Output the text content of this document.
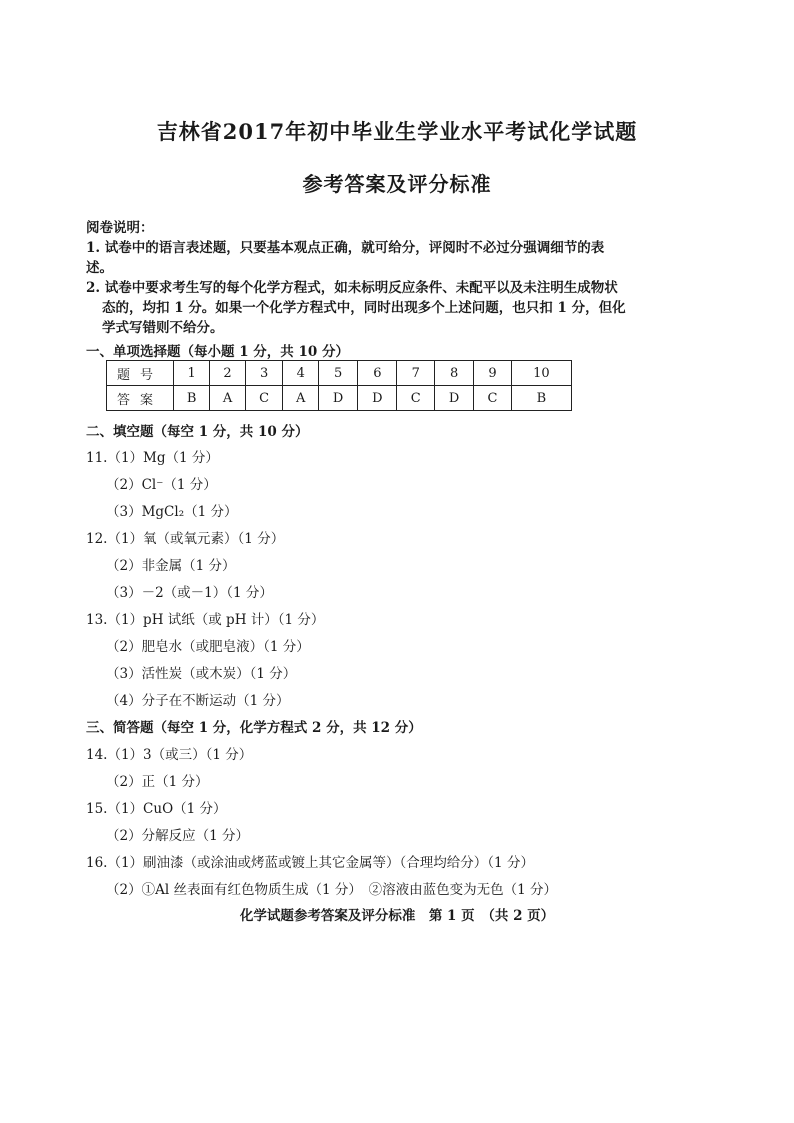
吉林省2017年初中毕业生学业水平考试化学试题
参考答案及评分标准
阅卷说明：
1. 试卷中的语言表述题，只要基本观点正确，就可给分，评阅时不必过分强调细节的表述。
2. 试卷中要求考生写的每个化学方程式，如未标明反应条件、未配平以及未注明生成物状态的，均扣 1 分。如果一个化学方程式中，同时出现多个上述问题，也只扣 1 分，但化学式写错则不给分。
一、单项选择题（每小题 1 分，共 10 分）
题号	1	2	3	4	5	6	7	8	9	10
答案	B	A	C	A	D	D	C	D	C	B
二、填空题（每空 1 分，共 10 分）
11.（1）Mg（1 分）
（2）Cl⁻（1 分）
（3）MgCl₂（1 分）
12.（1）氧（或氧元素）（1 分）
（2）非金属（1 分）
（3）－2（或－1）（1 分）
13.（1）pH 试纸（或 pH 计）（1 分）
（2）肥皂水（或肥皂液）（1 分）
（3）活性炭（或木炭）（1 分）
（4）分子在不断运动（1 分）
三、简答题（每空 1 分，化学方程式 2 分，共 12 分）
14.（1）3（或三）（1 分）
（2）正（1 分）
15.（1）CuO（1 分）
（2）分解反应（1 分）
16.（1）刷油漆（或涂油或烤蓝或镀上其它金属等）（合理均给分）（1 分）
（2）①Al 丝表面有红色物质生成（1 分）　②溶液由蓝色变为无色（1 分）
化学试题参考答案及评分标准　第 1 页　（共 2 页）
